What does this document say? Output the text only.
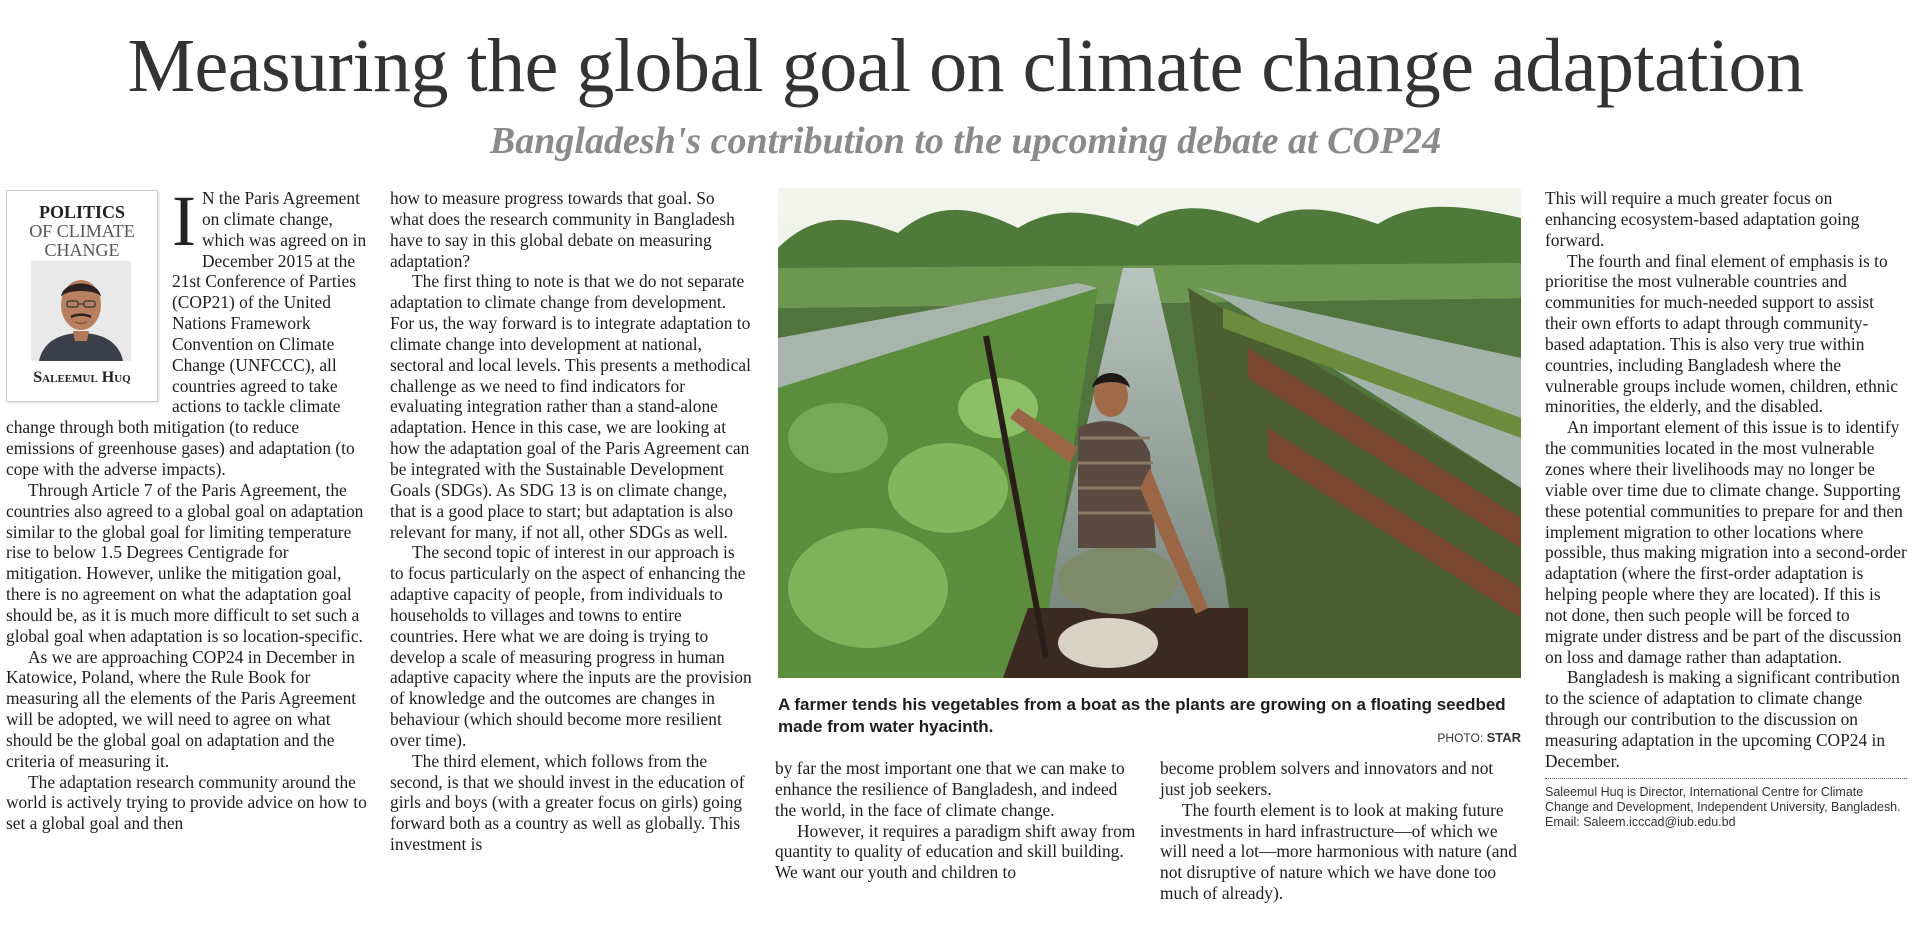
Measuring the global goal on climate change adaptation
Bangladesh's contribution to the upcoming debate at COP24
POLITICS
OF CLIMATE
CHANGE
Saleemul Huq
I N the Paris Agreement on climate change, which was agreed on in December 2015 at the 21st Conference of Parties (COP21) of the United Nations Framework Convention on Climate Change (UNFCCC), all countries agreed to take actions to tackle climate change through both mitigation (to reduce emissions of greenhouse gases) and adaptation (to cope with the adverse impacts).

Through Article 7 of the Paris Agreement, the countries also agreed to a global goal on adaptation similar to the global goal for limiting temperature rise to below 1.5 Degrees Centigrade for mitigation. However, unlike the mitigation goal, there is no agreement on what the adaptation goal should be, as it is much more difficult to set such a global goal when adaptation is so location-specific.

As we are approaching COP24 in December in Katowice, Poland, where the Rule Book for measuring all the elements of the Paris Agreement will be adopted, we will need to agree on what should be the global goal on adaptation and the criteria of measuring it.

The adaptation research community around the world is actively trying to provide advice on how to set a global goal and then

how to measure progress towards that goal. So what does the research community in Bangladesh have to say in this global debate on measuring adaptation?

The first thing to note is that we do not separate adaptation to climate change from development. For us, the way forward is to integrate adaptation to climate change into development at national, sectoral and local levels. This presents a methodical challenge as we need to find indicators for evaluating integration rather than a stand-alone adaptation. Hence in this case, we are looking at how the adaptation goal of the Paris Agreement can be integrated with the Sustainable Development Goals (SDGs). As SDG 13 is on climate change, that is a good place to start; but adaptation is also relevant for many, if not all, other SDGs as well.

The second topic of interest in our approach is to focus particularly on the aspect of enhancing the adaptive capacity of people, from individuals to households to villages and towns to entire countries. Here what we are doing is trying to develop a scale of measuring progress in human adaptive capacity where the inputs are the provision of knowledge and the outcomes are changes in behaviour (which should become more resilient over time).

The third element, which follows from the second, is that we should invest in the education of girls and boys (with a greater focus on girls) going forward both as a country as well as globally. This investment is

A farmer tends his vegetables from a boat as the plants are growing on a floating seedbed made from water hyacinth.
PHOTO: STAR

by far the most important one that we can make to enhance the resilience of Bangladesh, and indeed the world, in the face of climate change.

However, it requires a paradigm shift away from quantity to quality of education and skill building. We want our youth and children to

become problem solvers and innovators and not just job seekers.

The fourth element is to look at making future investments in hard infrastructure—of which we will need a lot—more harmonious with nature (and not disruptive of nature which we have done too much of already).

This will require a much greater focus on enhancing ecosystem-based adaptation going forward.

The fourth and final element of emphasis is to prioritise the most vulnerable countries and communities for much-needed support to assist their own efforts to adapt through community-based adaptation. This is also very true within countries, including Bangladesh where the vulnerable groups include women, children, ethnic minorities, the elderly, and the disabled.

An important element of this issue is to identify the communities located in the most vulnerable zones where their livelihoods may no longer be viable over time due to climate change. Supporting these potential communities to prepare for and then implement migration to other locations where possible, thus making migration into a second-order adaptation (where the first-order adaptation is helping people where they are located). If this is not done, then such people will be forced to migrate under distress and be part of the discussion on loss and damage rather than adaptation.

Bangladesh is making a significant contribution to the science of adaptation to climate change through our contribution to the discussion on measuring adaptation in the upcoming COP24 in December.

Saleemul Huq is Director, International Centre for Climate Change and Development, Independent University, Bangladesh.
Email: Saleem.icccad@iub.edu.bd
